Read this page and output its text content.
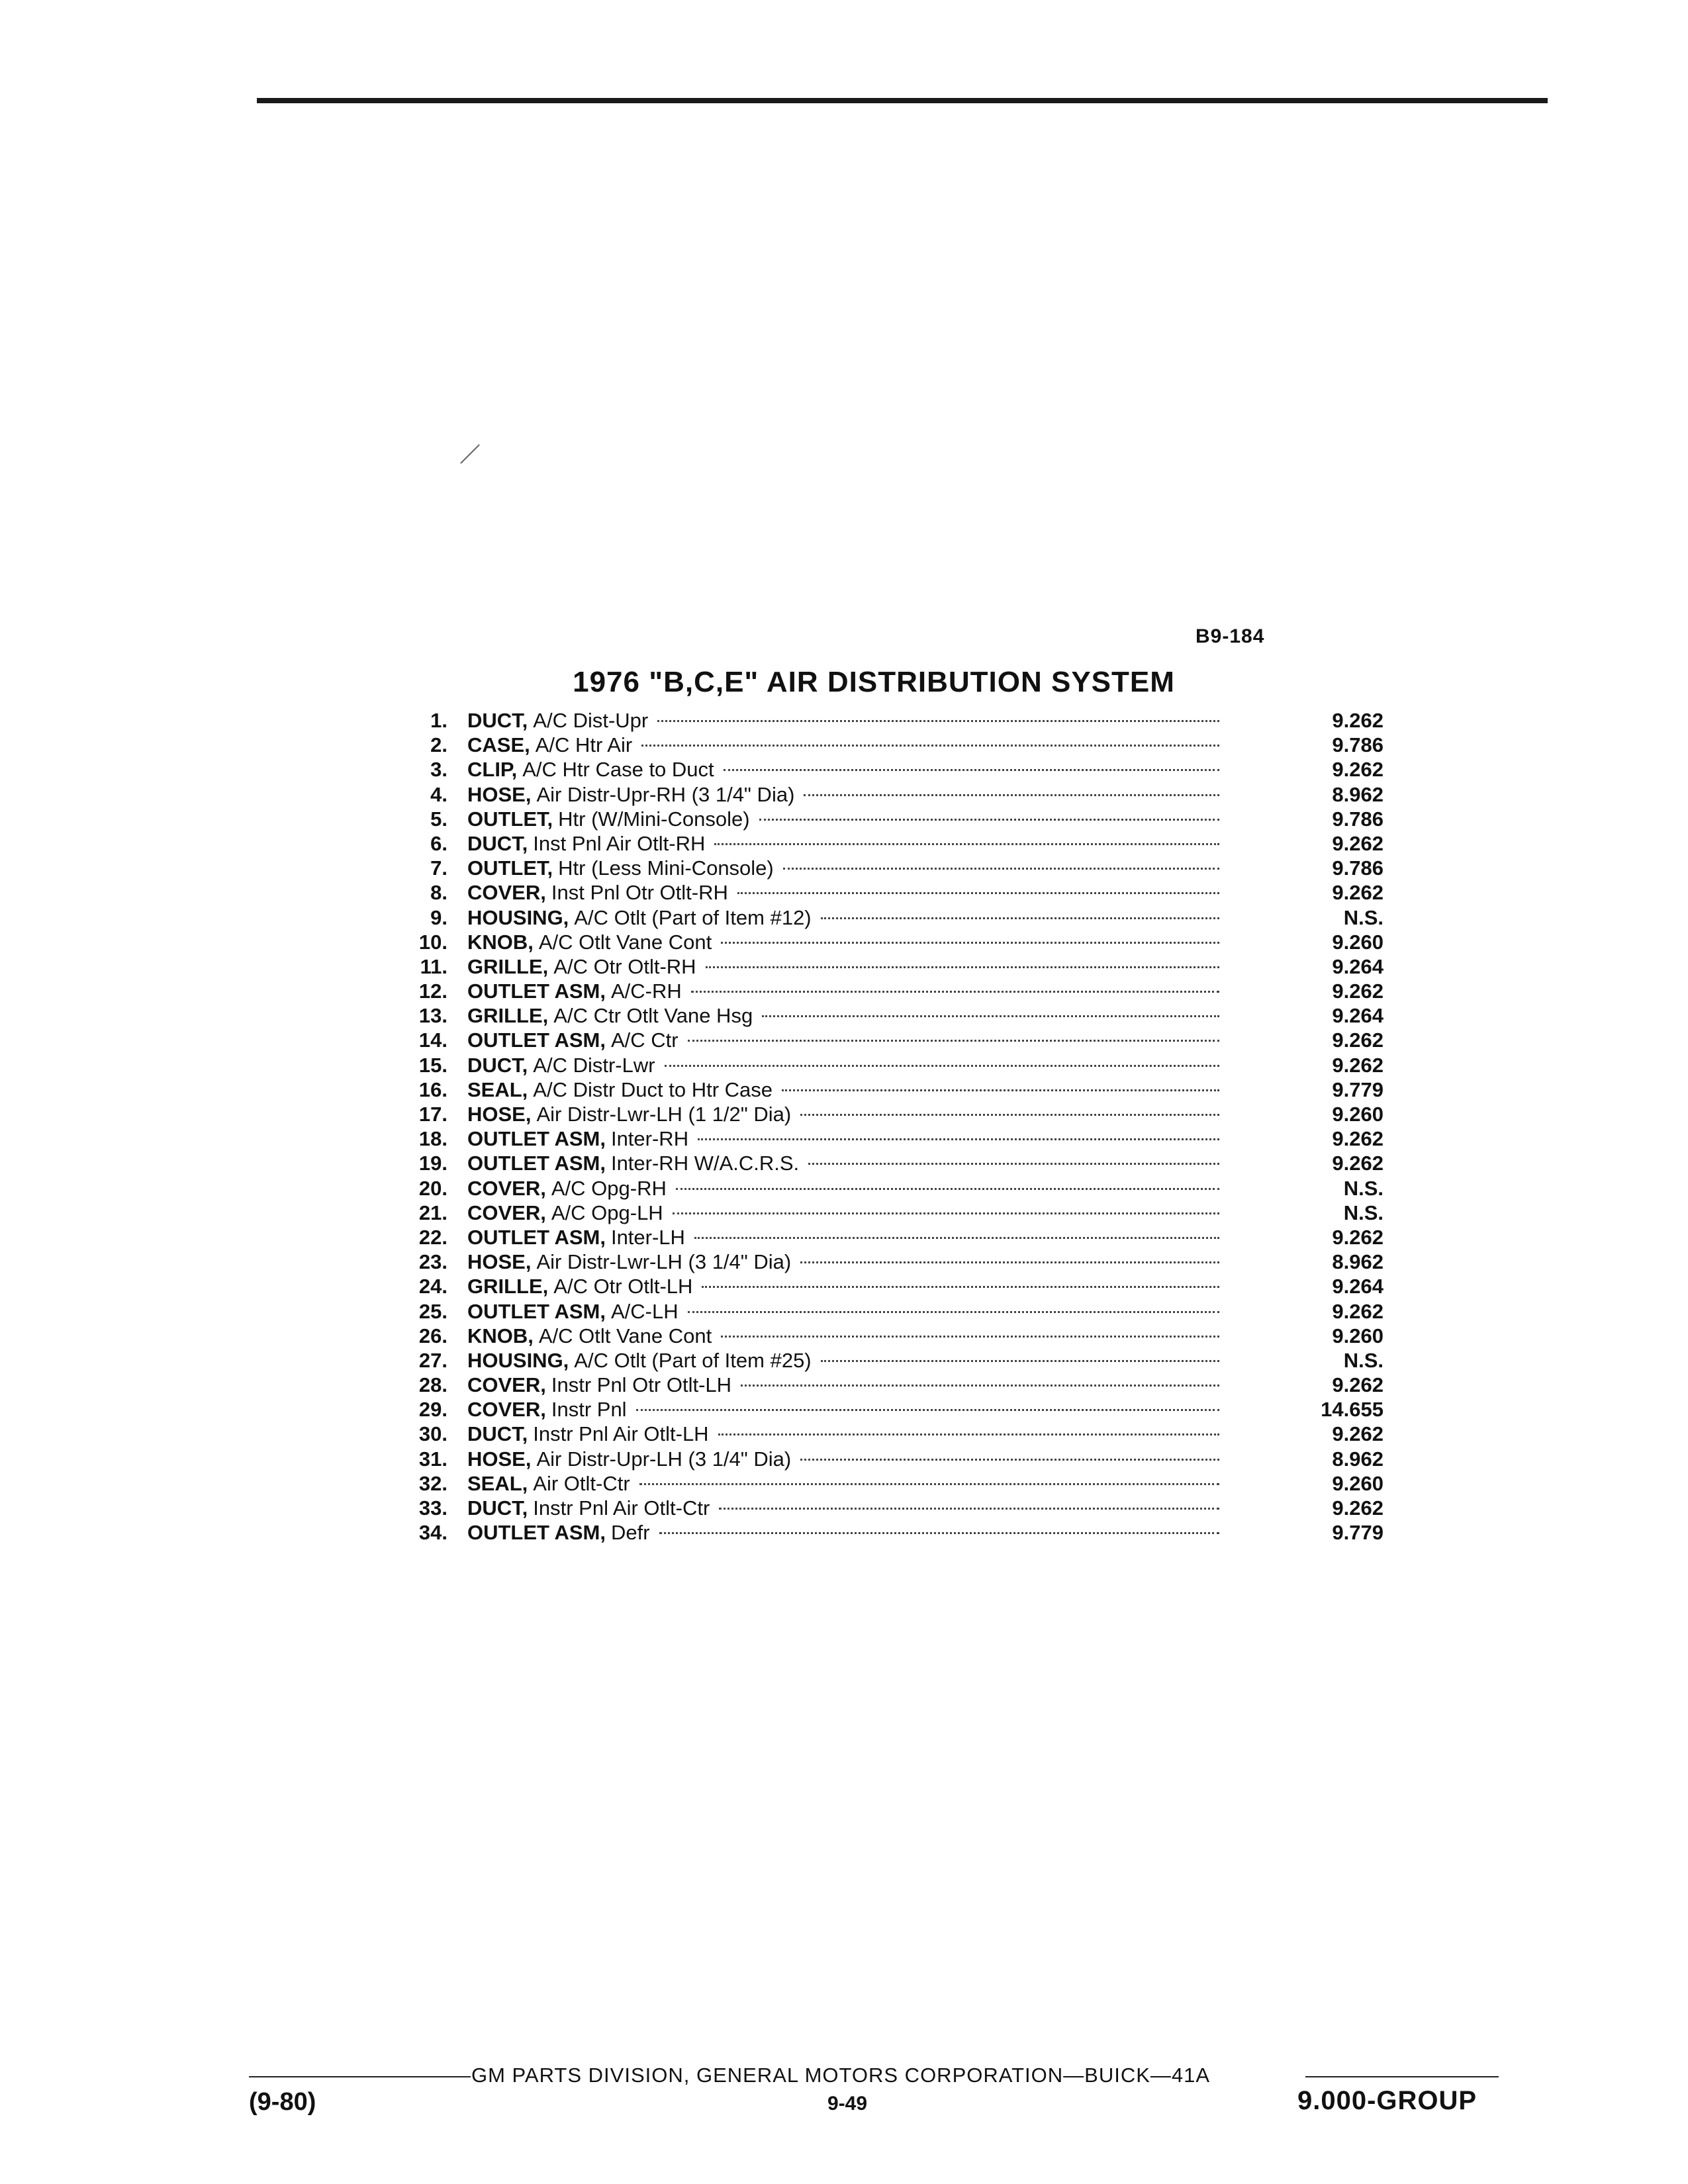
B9-184
1976 "B,C,E" AIR DISTRIBUTION SYSTEM
1. DUCT, A/C Dist-Upr	9.262
2. CASE, A/C Htr Air	9.786
3. CLIP, A/C Htr Case to Duct	9.262
4. HOSE, Air Distr-Upr-RH (3 1/4" Dia)	8.962
5. OUTLET, Htr (W/Mini-Console)	9.786
6. DUCT, Inst Pnl Air Otlt-RH	9.262
7. OUTLET, Htr (Less Mini-Console)	9.786
8. COVER, Inst Pnl Otr Otlt-RH	9.262
9. HOUSING, A/C Otlt (Part of Item #12)	N.S.
10. KNOB, A/C Otlt Vane Cont	9.260
11. GRILLE, A/C Otr Otlt-RH	9.264
12. OUTLET ASM, A/C-RH	9.262
13. GRILLE, A/C Ctr Otlt Vane Hsg	9.264
14. OUTLET ASM, A/C Ctr	9.262
15. DUCT, A/C Distr-Lwr	9.262
16. SEAL, A/C Distr Duct to Htr Case	9.779
17. HOSE, Air Distr-Lwr-LH (1 1/2" Dia)	9.260
18. OUTLET ASM, Inter-RH	9.262
19. OUTLET ASM, Inter-RH W/A.C.R.S.	9.262
20. COVER, A/C Opg-RH	N.S.
21. COVER, A/C Opg-LH	N.S.
22. OUTLET ASM, Inter-LH	9.262
23. HOSE, Air Distr-Lwr-LH (3 1/4" Dia)	8.962
24. GRILLE, A/C Otr Otlt-LH	9.264
25. OUTLET ASM, A/C-LH	9.262
26. KNOB, A/C Otlt Vane Cont	9.260
27. HOUSING, A/C Otlt (Part of Item #25)	N.S.
28. COVER, Instr Pnl Otr Otlt-LH	9.262
29. COVER, Instr Pnl	14.655
30. DUCT, Instr Pnl Air Otlt-LH	9.262
31. HOSE, Air Distr-Upr-LH (3 1/4" Dia)	8.962
32. SEAL, Air Otlt-Ctr	9.260
33. DUCT, Instr Pnl Air Otlt-Ctr	9.262
34. OUTLET ASM, Defr	9.779
GM PARTS DIVISION, GENERAL MOTORS CORPORATION—BUICK—41A
(9-80)	9-49	9.000-GROUP
